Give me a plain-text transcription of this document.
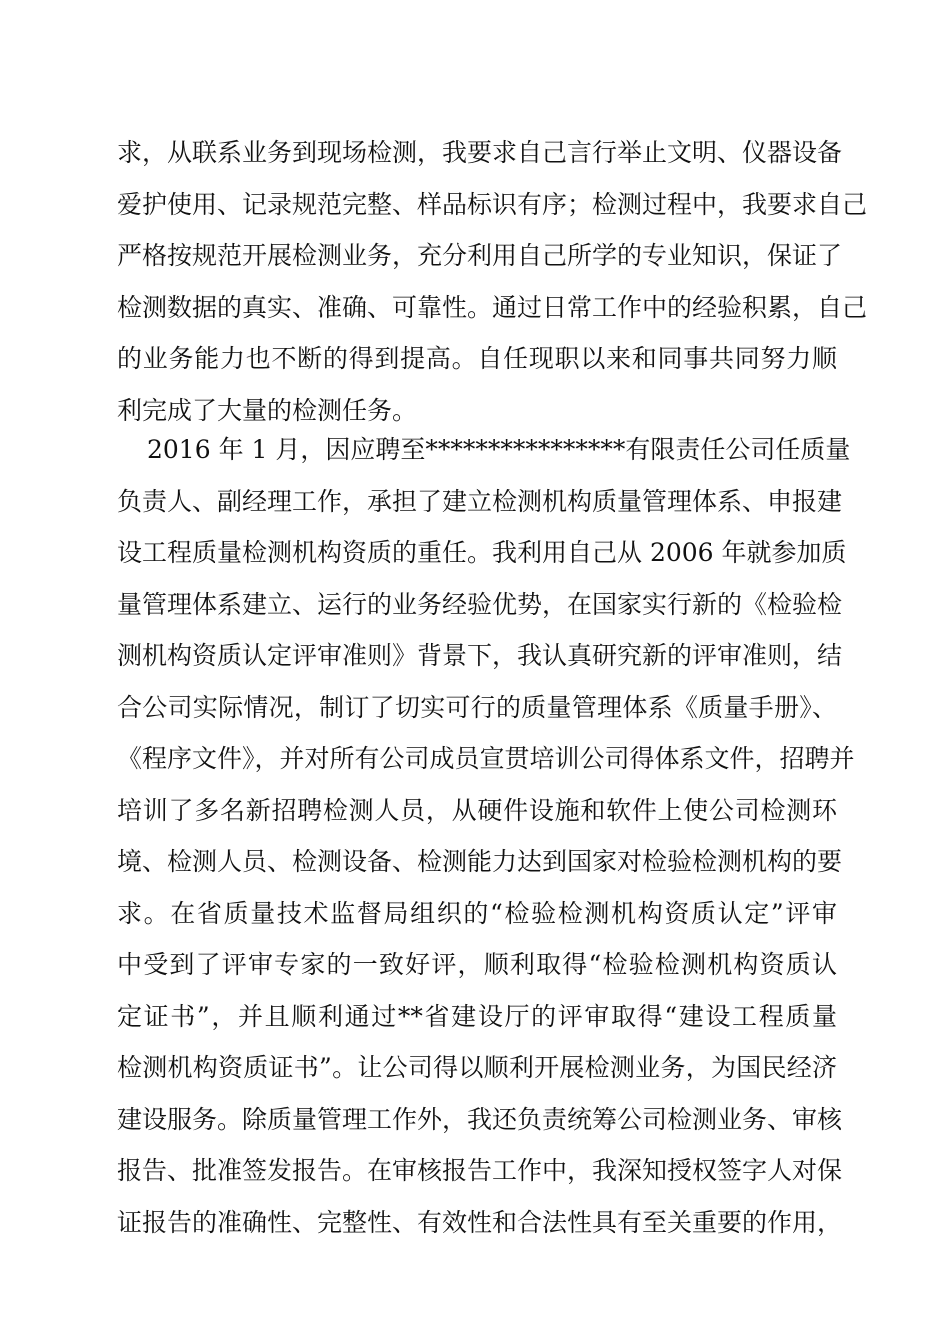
求，从联系业务到现场检测，我要求自己言行举止文明、仪器设备
爱护使用、记录规范完整、样品标识有序；检测过程中，我要求自己
严格按规范开展检测业务，充分利用自己所学的专业知识，保证了
检测数据的真实、准确、可靠性。通过日常工作中的经验积累，自己
的业务能力也不断的得到提高。自任现职以来和同事共同努力顺
利完成了大量的检测任务。
2016 年 1 月，因应聘至****************有限责任公司任质量
负责人、副经理工作，承担了建立检测机构质量管理体系、申报建
设工程质量检测机构资质的重任。我利用自己从 2006 年就参加质
量管理体系建立、运行的业务经验优势，在国家实行新的《检验检
测机构资质认定评审准则》背景下，我认真研究新的评审准则，结
合公司实际情况，制订了切实可行的质量管理体系《质量手册》、
《程序文件》，并对所有公司成员宣贯培训公司得体系文件，招聘并
培训了多名新招聘检测人员，从硬件设施和软件上使公司检测环
境、检测人员、检测设备、检测能力达到国家对检验检测机构的要
求。在省质量技术监督局组织的“检验检测机构资质认定”评审
中受到了评审专家的一致好评，顺利取得“检验检测机构资质认
定证书”，并且顺利通过**省建设厅的评审取得“建设工程质量
检测机构资质证书”。让公司得以顺利开展检测业务，为国民经济
建设服务。除质量管理工作外，我还负责统筹公司检测业务、审核
报告、批准签发报告。在审核报告工作中，我深知授权签字人对保
证报告的准确性、完整性、有效性和合法性具有至关重要的作用，
